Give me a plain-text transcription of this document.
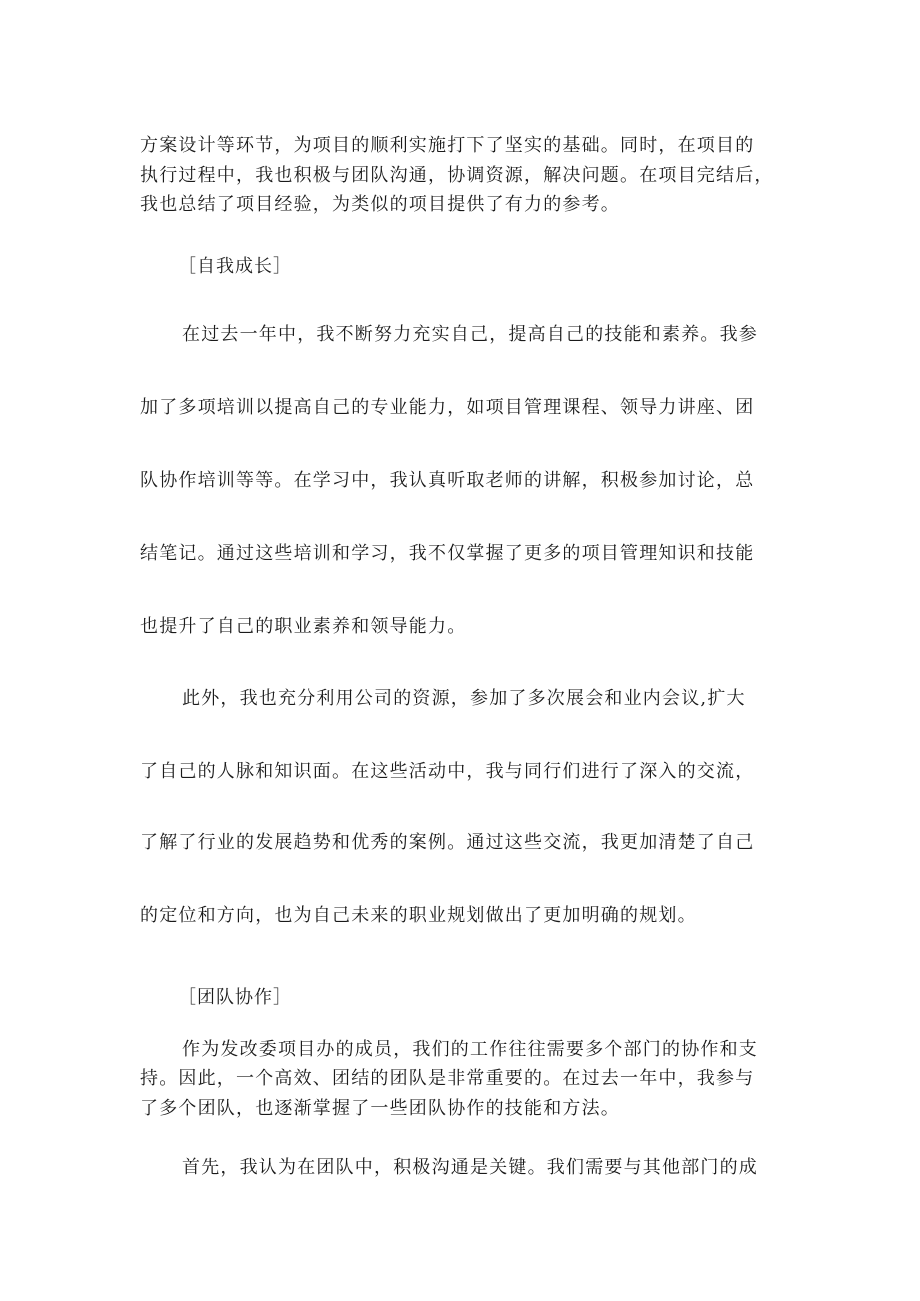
方案设计等环节，为项目的顺利实施打下了坚实的基础。同时，在项目的
执行过程中，我也积极与团队沟通，协调资源，解决问题。在项目完结后，
我也总结了项目经验，为类似的项目提供了有力的参考。
［自我成长］
在过去一年中，我不断努力充实自己，提高自己的技能和素养。我参
加了多项培训以提高自己的专业能力，如项目管理课程、领导力讲座、团
队协作培训等等。在学习中，我认真听取老师的讲解，积极参加讨论，总
结笔记。通过这些培训和学习，我不仅掌握了更多的项目管理知识和技能
也提升了自己的职业素养和领导能力。
此外，我也充分利用公司的资源，参加了多次展会和业内会议,扩大
了自己的人脉和知识面。在这些活动中，我与同行们进行了深入的交流，
了解了行业的发展趋势和优秀的案例。通过这些交流，我更加清楚了自己
的定位和方向，也为自己未来的职业规划做出了更加明确的规划。
［团队协作］
作为发改委项目办的成员，我们的工作往往需要多个部门的协作和支
持。因此，一个高效、团结的团队是非常重要的。在过去一年中，我参与
了多个团队，也逐渐掌握了一些团队协作的技能和方法。
首先，我认为在团队中，积极沟通是关键。我们需要与其他部门的成
